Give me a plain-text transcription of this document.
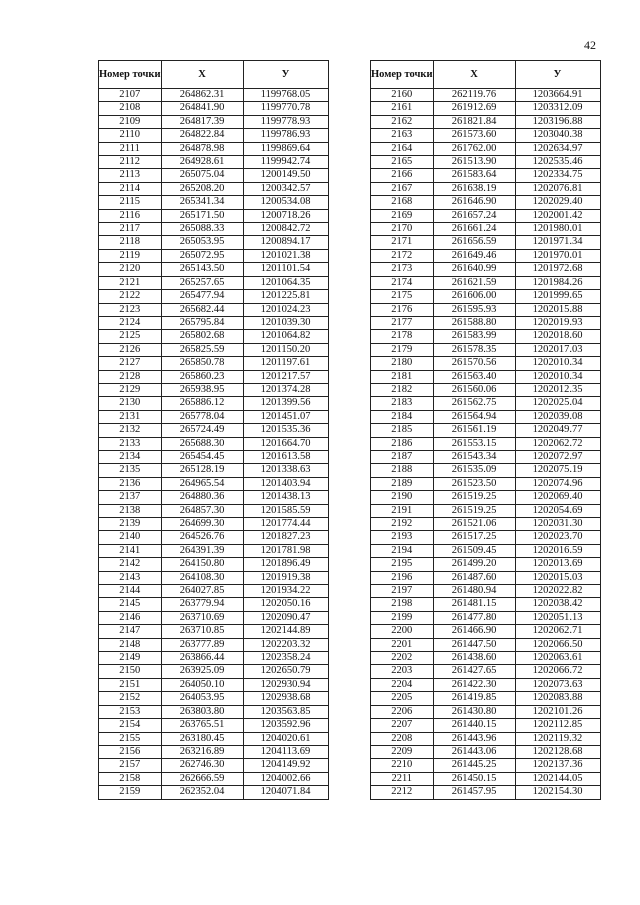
42
Номер точки	X	У
2107	264862.31	1199768.05
2108	264841.90	1199770.78
2109	264817.39	1199778.93
2110	264822.84	1199786.93
2111	264878.98	1199869.64
2112	264928.61	1199942.74
2113	265075.04	1200149.50
2114	265208.20	1200342.57
2115	265341.34	1200534.08
2116	265171.50	1200718.26
2117	265088.33	1200842.72
2118	265053.95	1200894.17
2119	265072.95	1201021.38
2120	265143.50	1201101.54
2121	265257.65	1201064.35
2122	265477.94	1201225.81
2123	265682.44	1201024.23
2124	265795.84	1201039.30
2125	265802.68	1201064.82
2126	265825.59	1201150.20
2127	265850.78	1201197.61
2128	265860.23	1201217.57
2129	265938.95	1201374.28
2130	265886.12	1201399.56
2131	265778.04	1201451.07
2132	265724.49	1201535.36
2133	265688.30	1201664.70
2134	265454.45	1201613.58
2135	265128.19	1201338.63
2136	264965.54	1201403.94
2137	264880.36	1201438.13
2138	264857.30	1201585.59
2139	264699.30	1201774.44
2140	264526.76	1201827.23
2141	264391.39	1201781.98
2142	264150.80	1201896.49
2143	264108.30	1201919.38
2144	264027.85	1201934.22
2145	263779.94	1202050.16
2146	263710.69	1202090.47
2147	263710.85	1202144.89
2148	263777.89	1202203.32
2149	263866.44	1202358.24
2150	263925.09	1202650.79
2151	264050.10	1202930.94
2152	264053.95	1202938.68
2153	263803.80	1203563.85
2154	263765.51	1203592.96
2155	263180.45	1204020.61
2156	263216.89	1204113.69
2157	262746.30	1204149.92
2158	262666.59	1204002.66
2159	262352.04	1204071.84
Номер точки	X	У
2160	262119.76	1203664.91
2161	261912.69	1203312.09
2162	261821.84	1203196.88
2163	261573.60	1203040.38
2164	261762.00	1202634.97
2165	261513.90	1202535.46
2166	261583.64	1202334.75
2167	261638.19	1202076.81
2168	261646.90	1202029.40
2169	261657.24	1202001.42
2170	261661.24	1201980.01
2171	261656.59	1201971.34
2172	261649.46	1201970.01
2173	261640.99	1201972.68
2174	261621.59	1201984.26
2175	261606.00	1201999.65
2176	261595.93	1202015.88
2177	261588.80	1202019.93
2178	261583.99	1202018.60
2179	261578.35	1202017.03
2180	261570.56	1202010.34
2181	261563.40	1202010.34
2182	261560.06	1202012.35
2183	261562.75	1202025.04
2184	261564.94	1202039.08
2185	261561.19	1202049.77
2186	261553.15	1202062.72
2187	261543.34	1202072.97
2188	261535.09	1202075.19
2189	261523.50	1202074.96
2190	261519.25	1202069.40
2191	261519.25	1202054.69
2192	261521.06	1202031.30
2193	261517.25	1202023.70
2194	261509.45	1202016.59
2195	261499.20	1202013.69
2196	261487.60	1202015.03
2197	261480.94	1202022.82
2198	261481.15	1202038.42
2199	261477.80	1202051.13
2200	261466.90	1202062.71
2201	261447.50	1202066.50
2202	261438.60	1202063.61
2203	261427.65	1202066.72
2204	261422.30	1202073.63
2205	261419.85	1202083.88
2206	261430.80	1202101.26
2207	261440.15	1202112.85
2208	261443.96	1202119.32
2209	261443.06	1202128.68
2210	261445.25	1202137.36
2211	261450.15	1202144.05
2212	261457.95	1202154.30
